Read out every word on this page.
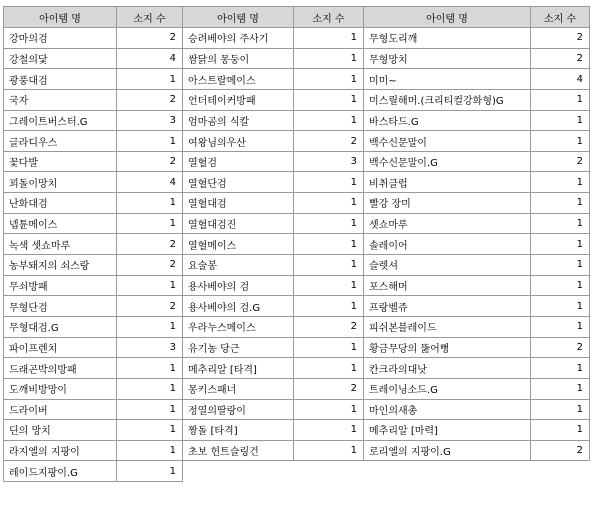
아이템 명	소지 수	아이템 명	소지 수	아이템 명	소지 수
강마의검	2	승려베야의 주사기	1	무형도리깨	2
강철의닻	4	쌈닭의 몽둥이	1	무형망치	2
광풍대검	1	아스트랄메이스	1	미미~	4
국자	2	언더테이커방패	1	미스릴해머.(크리티컬강화형)G	1
그레이트버스터.G	3	엄마곰의 식칼	1	바스타드.G	1
글라디우스	1	여왕님의우산	2	백수신문말이	1
꽃다발	2	열혈검	3	백수신문말이.G	2
꾀돌이망치	4	열혈단검	1	비취클럽	1
난화대검	1	열혈대검	1	빨강 장미	1
넵튠메이스	1	열혈대검진	1	셋쇼마루	1
녹색 셋쇼마루	2	열혈메이스	1	솔레이어	1
농부돼지의 쇠스랑	2	요술봉	1	슬렛셔	1
무쇠방패	1	용사베야의 검	1	포스해머	1
무형단검	2	용사베야의 검.G	1	프랑벨쥬	1
무형대검.G	1	우라누스메이스	2	피쉬본블레이드	1
파이프렌치	3	유기농 당근	1	황금무당의 뚫어뻥	2
드래곤박의방패	1	메추리알 [타격]	1	칸크라의대낫	1
도깨비방망이	1	몽키스패너	2	트레이닝소드.G	1
드라이버	1	정열의딸랑이	1	마인의새총	1
딘의 망치	1	짱돌 [타격]	1	메추리알 [마력]	1
라지엘의 지팡이	1	초보 헌트슬링건	1	로리엘의 지팡이.G	2
레이드지팡이.G	1				
